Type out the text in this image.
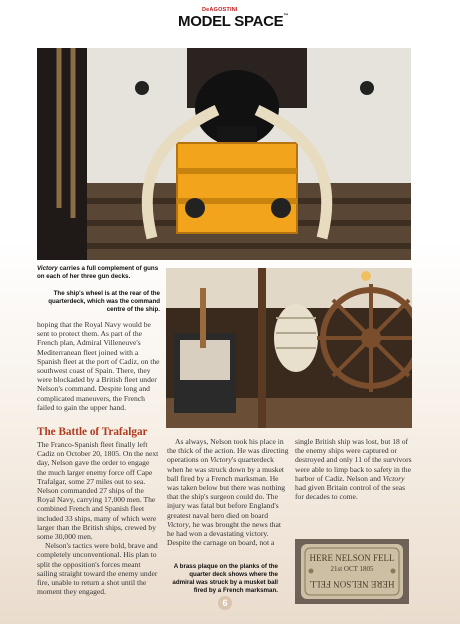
DeAGOSTINI
MODEL SPACE™
Victory carries a full complement of guns on each of her three gun decks.
The ship's wheel is at the rear of the quarterdeck, which was the command centre of the ship.

hoping that the Royal Navy would be sent to protect them. As part of the French plan, Admiral Villeneuve's Mediterranean fleet joined with a Spanish fleet at the port of Cadiz, on the southwest coast of Spain. There, they were blockaded by a British fleet under Nelson's command. Despite long and complicated maneuvers, the French failed to gain the upper hand.

The Battle of Trafalgar

The Franco-Spanish fleet finally left Cadiz on October 20, 1805. On the next day, Nelson gave the order to engage the much larger enemy force off Cape Trafalgar, some 27 miles out to sea. Nelson commanded 27 ships of the Royal Navy, carrying 17,000 men. The combined French and Spanish fleet included 33 ships, many of which were larger than the British ships, crewed by some 30,000 men.

Nelson's tactics were bold, brave and completely unconventional. His plan to split the opposition's forces meant sailing straight toward the enemy under fire, unable to return a shot until the moment they engaged.

As always, Nelson took his place in the thick of the action. He was directing operations on Victory's quarterdeck when he was struck down by a musket ball fired by a French marksman. He was taken below but there was nothing that the ship's surgeon could do. The injury was fatal but before England's greatest naval hero died on board Victory, he was brought the news that he had won a devastating victory. Despite the carnage on board, not a

A brass plaque on the planks of the quarter deck shows where the admiral was struck by a musket ball fired by a French marksman.

single British ship was lost, but 18 of the enemy ships were captured or destroyed and only 11 of the survivors were able to limp back to safety in the harbor of Cadiz. Nelson and Victory had given Britain control of the seas for decades to come.

HERE NELSON FELL
21st OCT 1805
HERE NELSON FELL
6
